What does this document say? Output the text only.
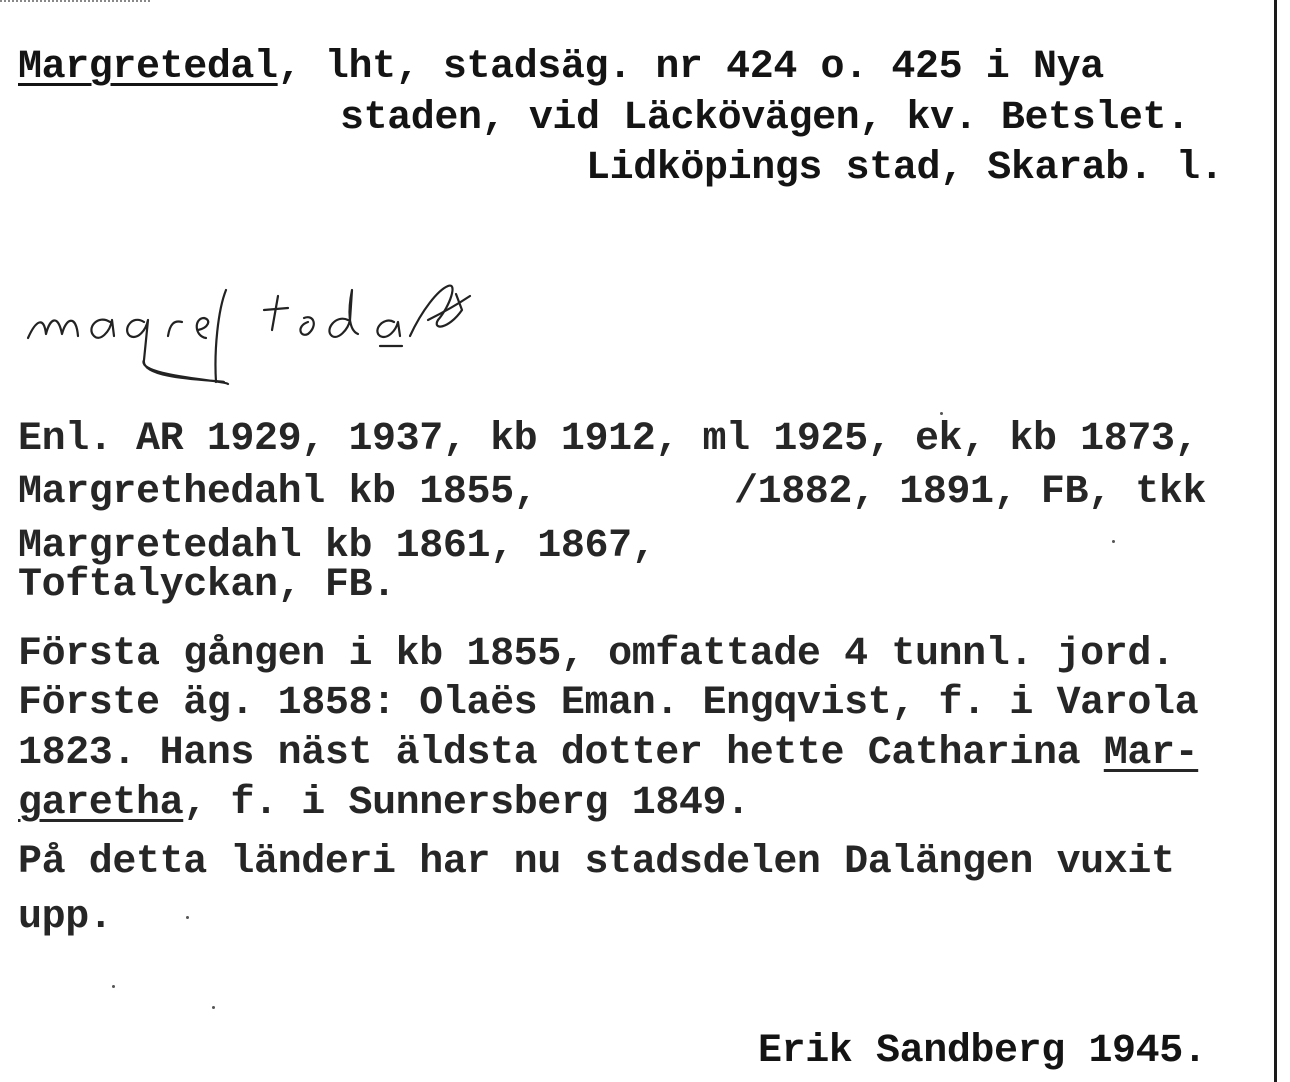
Margretedal, lht, stadsäg. nr 424 o. 425 i Nya
staden, vid Läckövägen, kv. Betslet.
Lidköpings stad, Skarab. l.
Enl. AR 1929, 1937, kb 1912, ml 1925, ek, kb 1873,
Margrethedahl kb 1855,	/1882, 1891, FB, tkk
Margretedahl kb 1861, 1867,
Toftalyckan, FB.
Första gången i kb 1855, omfattade 4 tunnl. jord.
Förste äg. 1858: Olaës Eman. Engqvist, f. i Varola
1823. Hans näst äldsta dotter hette Catharina Mar-
garetha, f. i Sunnersberg 1849.
På detta länderi har nu stadsdelen Dalängen vuxit
upp.
Erik Sandberg 1945.
